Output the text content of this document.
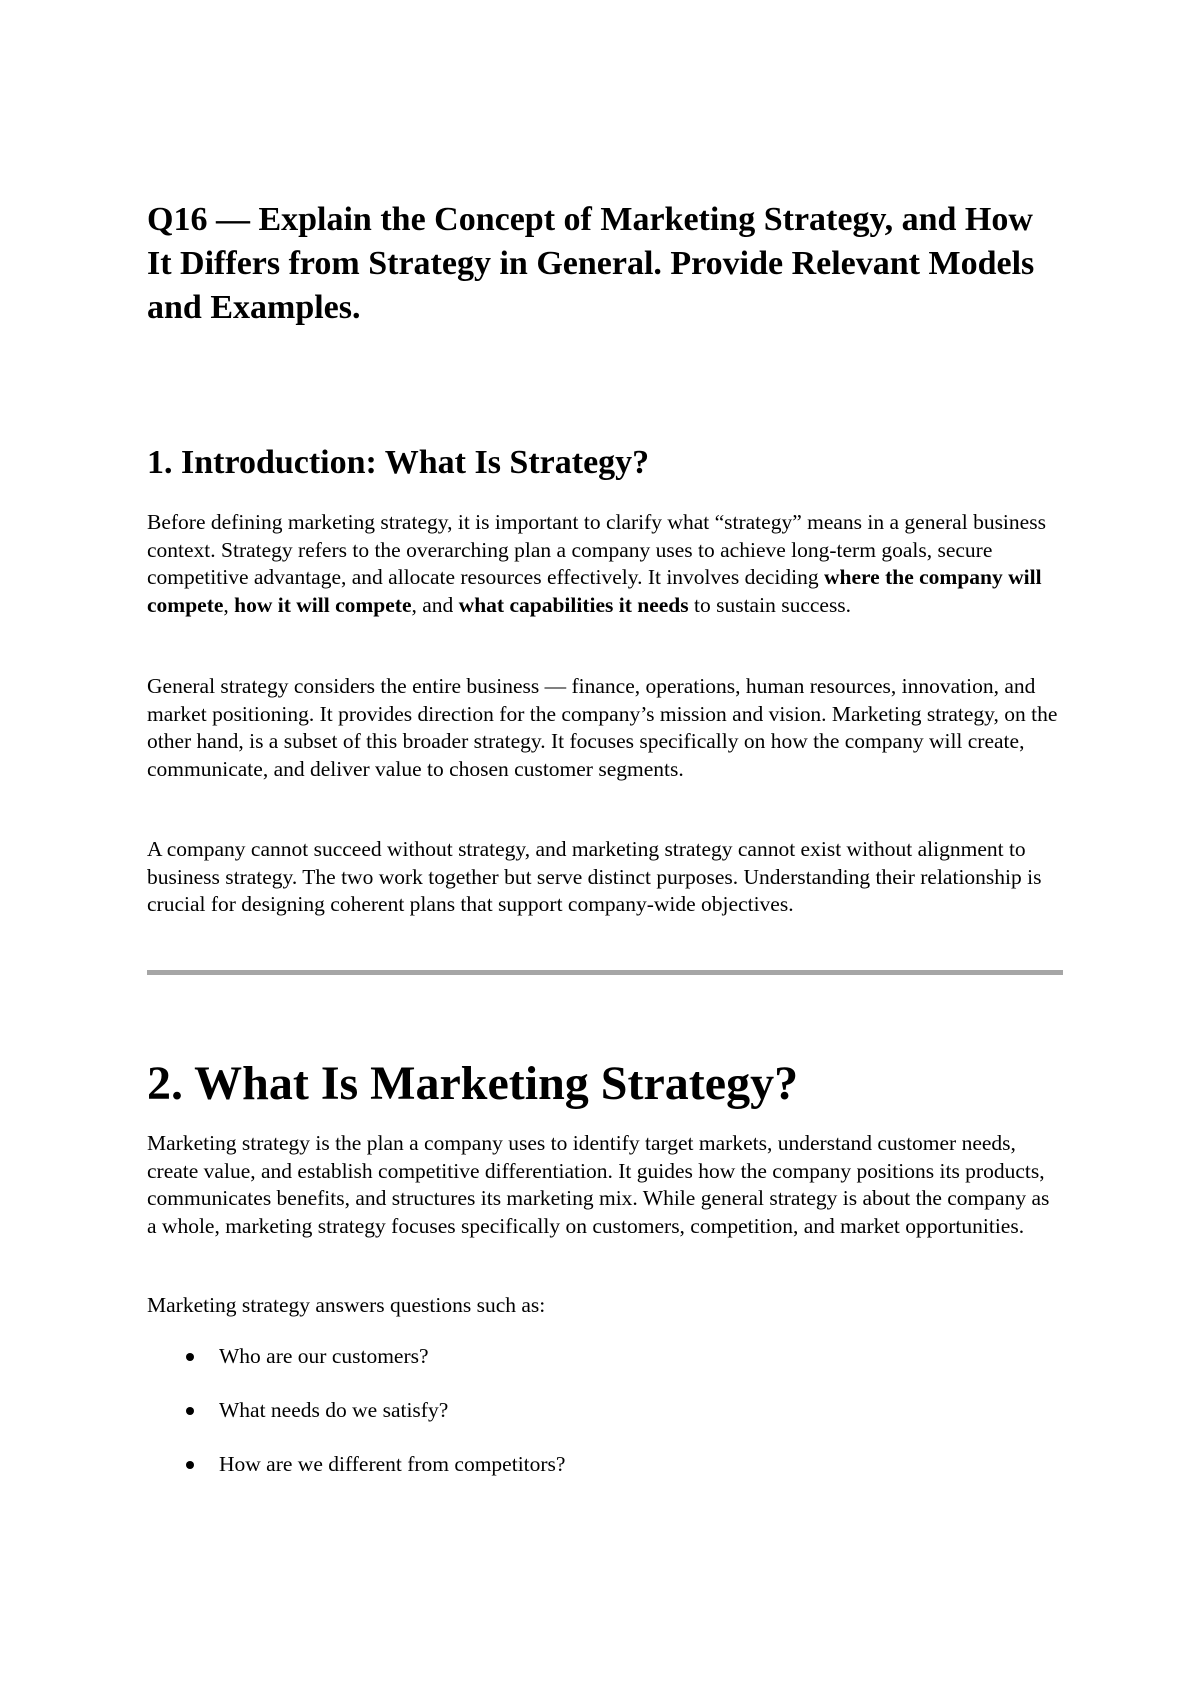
Q16 — Explain the Concept of Marketing Strategy, and How It Differs from Strategy in General. Provide Relevant Models and Examples.
1. Introduction: What Is Strategy?

Before defining marketing strategy, it is important to clarify what “strategy” means in a general business context. Strategy refers to the overarching plan a company uses to achieve long-term goals, secure competitive advantage, and allocate resources effectively. It involves deciding where the company will compete, how it will compete, and what capabilities it needs to sustain success.

General strategy considers the entire business — finance, operations, human resources, innovation, and market positioning. It provides direction for the company’s mission and vision. Marketing strategy, on the other hand, is a subset of this broader strategy. It focuses specifically on how the company will create, communicate, and deliver value to chosen customer segments.

A company cannot succeed without strategy, and marketing strategy cannot exist without alignment to business strategy. The two work together but serve distinct purposes. Understanding their relationship is crucial for designing coherent plans that support company-wide objectives.

2. What Is Marketing Strategy?

Marketing strategy is the plan a company uses to identify target markets, understand customer needs, create value, and establish competitive differentiation. It guides how the company positions its products, communicates benefits, and structures its marketing mix. While general strategy is about the company as a whole, marketing strategy focuses specifically on customers, competition, and market opportunities.

Marketing strategy answers questions such as:

Who are our customers?
What needs do we satisfy?
How are we different from competitors?
